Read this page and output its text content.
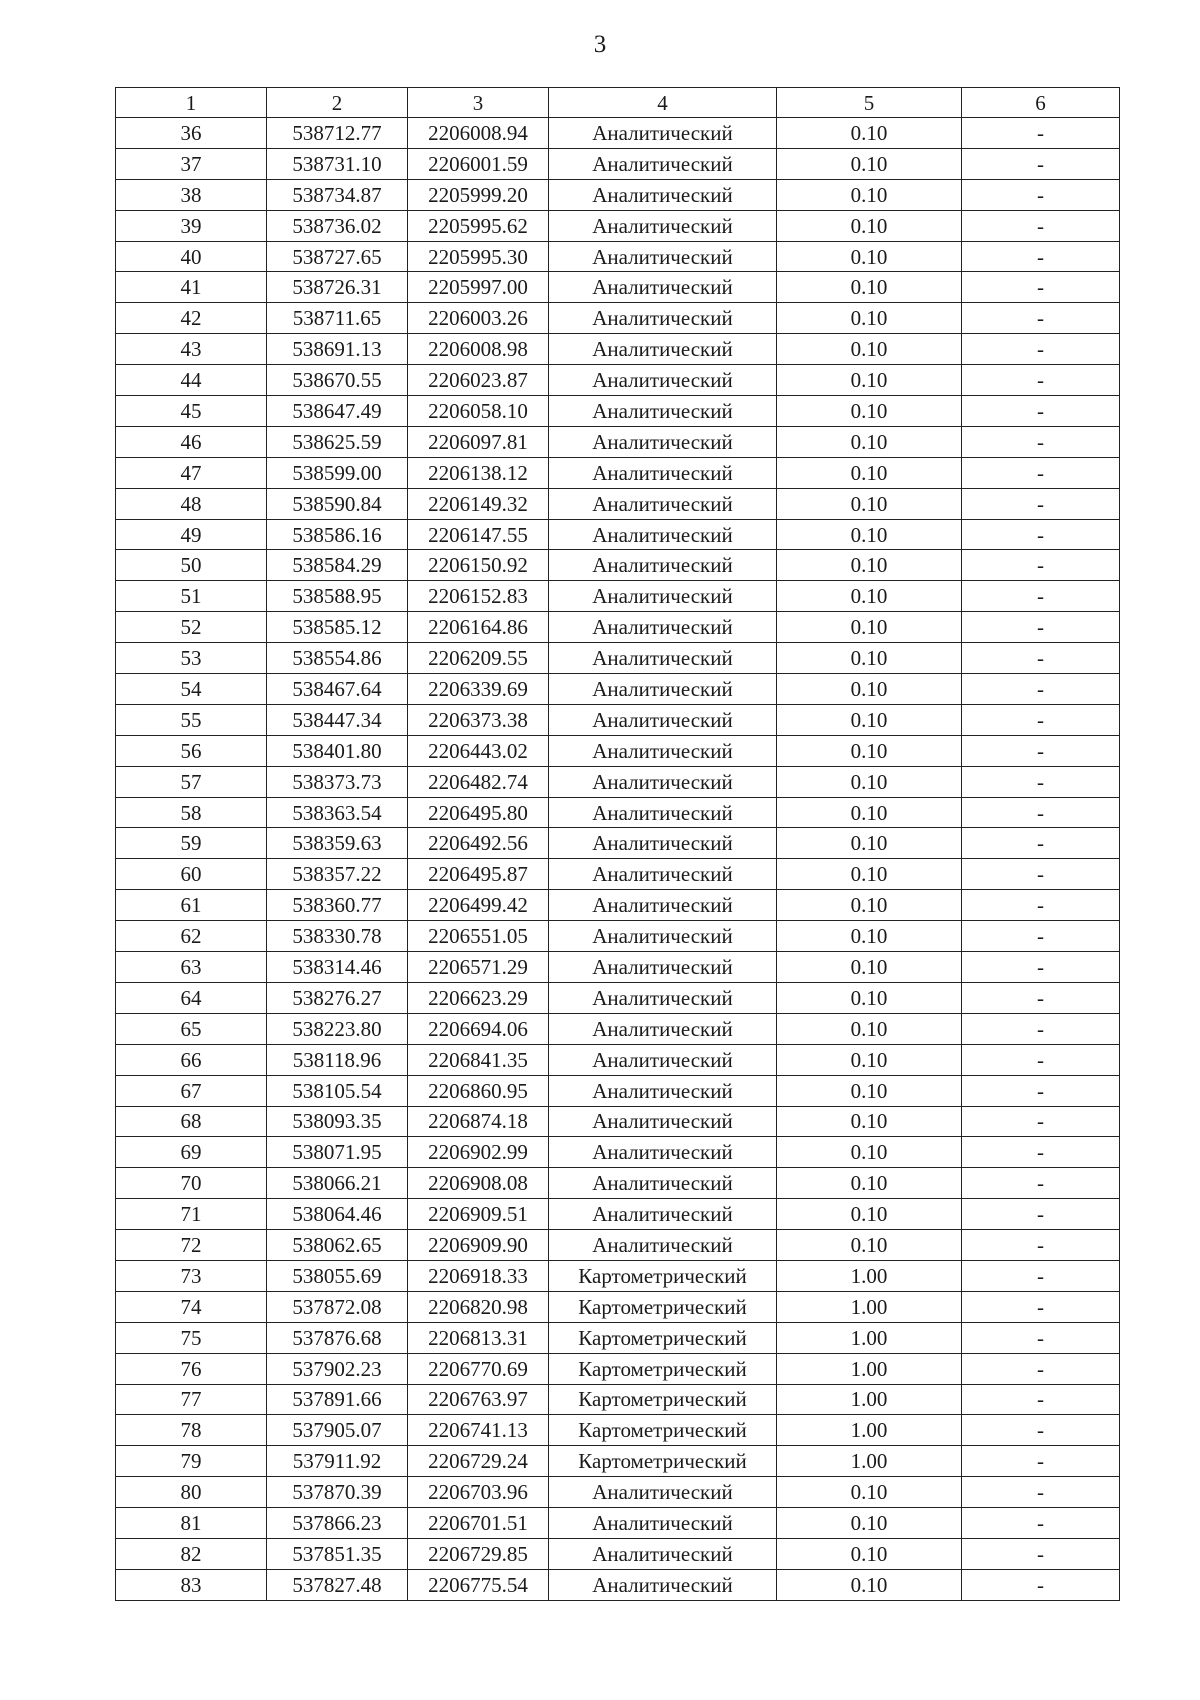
3
1	2	3	4	5	6
36	538712.77	2206008.94	Аналитический	0.10	-
37	538731.10	2206001.59	Аналитический	0.10	-
38	538734.87	2205999.20	Аналитический	0.10	-
39	538736.02	2205995.62	Аналитический	0.10	-
40	538727.65	2205995.30	Аналитический	0.10	-
41	538726.31	2205997.00	Аналитический	0.10	-
42	538711.65	2206003.26	Аналитический	0.10	-
43	538691.13	2206008.98	Аналитический	0.10	-
44	538670.55	2206023.87	Аналитический	0.10	-
45	538647.49	2206058.10	Аналитический	0.10	-
46	538625.59	2206097.81	Аналитический	0.10	-
47	538599.00	2206138.12	Аналитический	0.10	-
48	538590.84	2206149.32	Аналитический	0.10	-
49	538586.16	2206147.55	Аналитический	0.10	-
50	538584.29	2206150.92	Аналитический	0.10	-
51	538588.95	2206152.83	Аналитический	0.10	-
52	538585.12	2206164.86	Аналитический	0.10	-
53	538554.86	2206209.55	Аналитический	0.10	-
54	538467.64	2206339.69	Аналитический	0.10	-
55	538447.34	2206373.38	Аналитический	0.10	-
56	538401.80	2206443.02	Аналитический	0.10	-
57	538373.73	2206482.74	Аналитический	0.10	-
58	538363.54	2206495.80	Аналитический	0.10	-
59	538359.63	2206492.56	Аналитический	0.10	-
60	538357.22	2206495.87	Аналитический	0.10	-
61	538360.77	2206499.42	Аналитический	0.10	-
62	538330.78	2206551.05	Аналитический	0.10	-
63	538314.46	2206571.29	Аналитический	0.10	-
64	538276.27	2206623.29	Аналитический	0.10	-
65	538223.80	2206694.06	Аналитический	0.10	-
66	538118.96	2206841.35	Аналитический	0.10	-
67	538105.54	2206860.95	Аналитический	0.10	-
68	538093.35	2206874.18	Аналитический	0.10	-
69	538071.95	2206902.99	Аналитический	0.10	-
70	538066.21	2206908.08	Аналитический	0.10	-
71	538064.46	2206909.51	Аналитический	0.10	-
72	538062.65	2206909.90	Аналитический	0.10	-
73	538055.69	2206918.33	Картометрический	1.00	-
74	537872.08	2206820.98	Картометрический	1.00	-
75	537876.68	2206813.31	Картометрический	1.00	-
76	537902.23	2206770.69	Картометрический	1.00	-
77	537891.66	2206763.97	Картометрический	1.00	-
78	537905.07	2206741.13	Картометрический	1.00	-
79	537911.92	2206729.24	Картометрический	1.00	-
80	537870.39	2206703.96	Аналитический	0.10	-
81	537866.23	2206701.51	Аналитический	0.10	-
82	537851.35	2206729.85	Аналитический	0.10	-
83	537827.48	2206775.54	Аналитический	0.10	-
